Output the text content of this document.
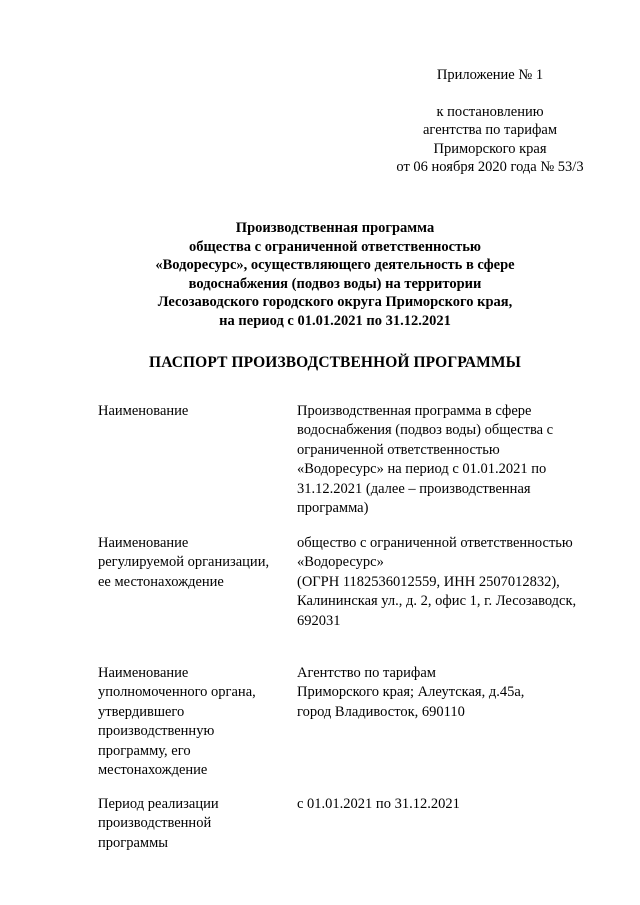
Приложение № 1
к постановлению
агентства по тарифам
Приморского края
от 06 ноября 2020 года № 53/3
Производственная программа
общества с ограниченной ответственностью
«Водоресурс», осуществляющего деятельность в сфере
водоснабжения (подвоз воды) на территории
Лесозаводского городского округа Приморского края,
на период с 01.01.2021 по 31.12.2021
ПАСПОРТ ПРОИЗВОДСТВЕННОЙ ПРОГРАММЫ
Наименование	Производственная программа в сфере
водоснабжения (подвоз воды) общества с
ограниченной ответственностью
«Водоресурс» на период с 01.01.2021 по
31.12.2021 (далее – производственная
программа)
Наименование
регулируемой организации,
ее местонахождение
общество с ограниченной ответственностью
«Водоресурс»
(ОГРН 1182536012559, ИНН 2507012832),
Калининская ул., д. 2, офис 1, г. Лесозаводск,
692031
Наименование
уполномоченного органа,
утвердившего
производственную
программу, его
местонахождение
Агентство по тарифам
Приморского края; Алеутская, д.45а,
город Владивосток, 690110
Период реализации
производственной
программы
с 01.01.2021 по 31.12.2021
